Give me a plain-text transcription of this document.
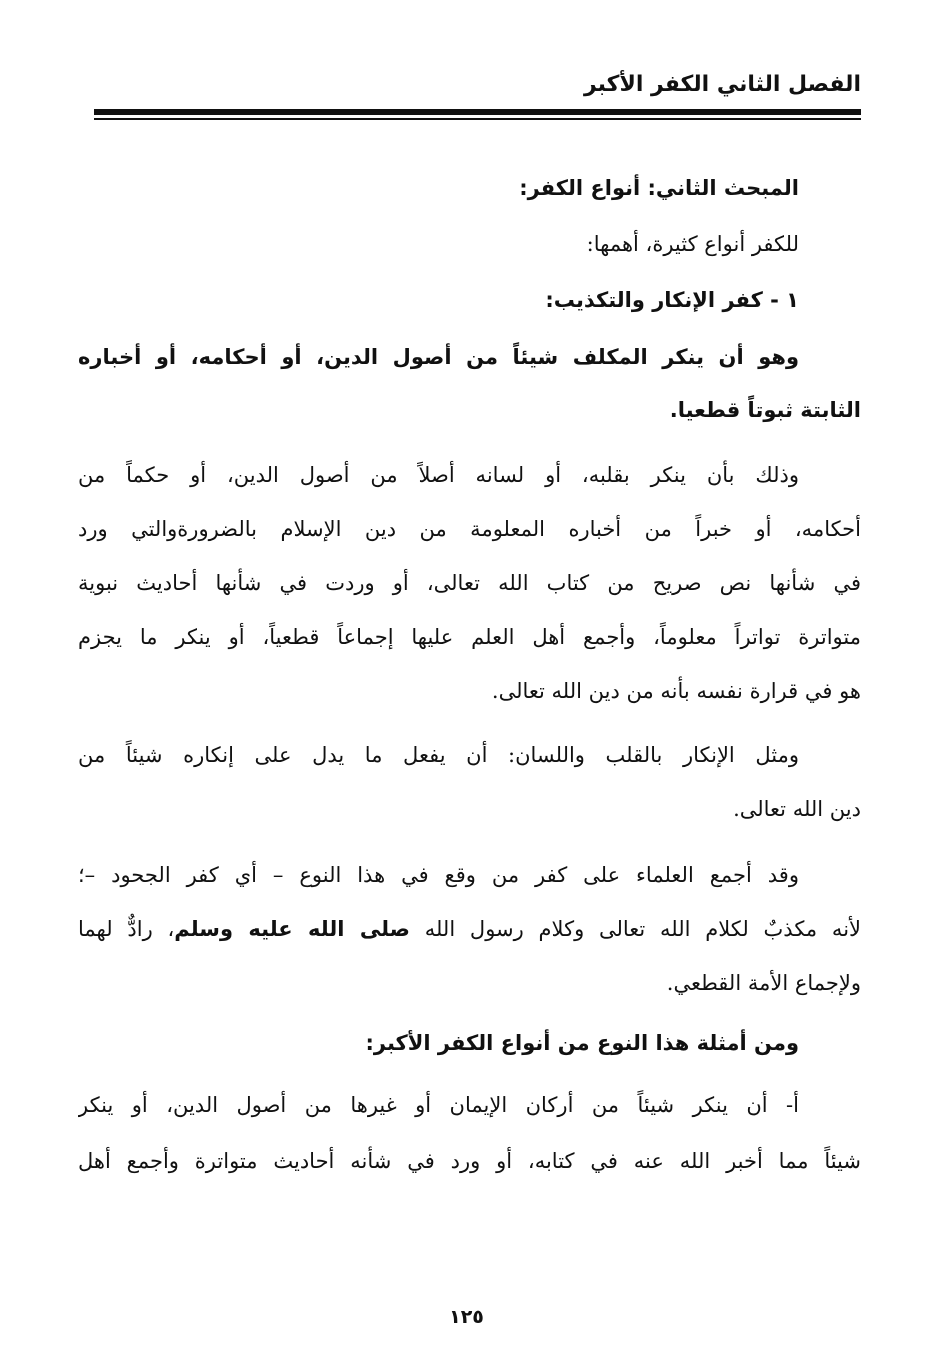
الفصل الثاني الكفر الأكبر
المبحث الثاني: أنواع الكفر:
للكفر أنواع كثيرة، أهمها:
١ - كفر الإنكار والتكذيب:
وهو أن ينكر المكلف شيئاً من أصول الدين، أو أحكامه، أو أخباره
الثابتة ثبوتاً قطعيا.
وذلك بأن ينكر بقلبه، أو لسانه أصلاً من أصول الدين، أو حكماً من
أحكامه، أو خبراً من أخباره المعلومة من دين الإسلام بالضرورةوالتي ورد
في شأنها نص صريح من كتاب الله تعالى، أو وردت في شأنها أحاديث نبوية
متواترة تواتراً معلوماً، وأجمع أهل العلم عليها إجماعاً قطعياً، أو ينكر ما يجزم
هو في قرارة نفسه بأنه من دين الله تعالى.
ومثل الإنكار بالقلب واللسان: أن يفعل ما يدل على إنكاره شيئاً من
دين الله تعالى.
وقد أجمع العلماء على كفر من وقع في هذا النوع – أي كفر الجحود –؛
لأنه مكذبٌ لكلام الله تعالى وكلام رسول الله صلى الله عليه وسلم، رادٌّ لهما
ولإجماع الأمة القطعي.
ومن أمثلة هذا النوع من أنواع الكفر الأكبر:
أ- أن ينكر شيئاً من أركان الإيمان أو غيرها من أصول الدين، أو ينكر
شيئاً مما أخبر الله عنه في كتابه، أو ورد في شأنه أحاديث متواترة وأجمع أهل
١٢٥
